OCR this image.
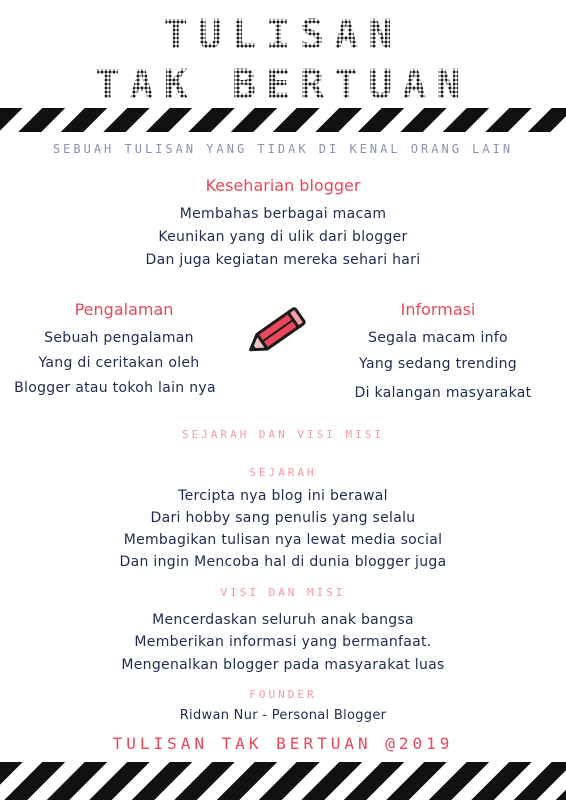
TULISAN
TAK BERTUAN
SEBUAH TULISAN YANG TIDAK DI KENAL ORANG LAIN
Keseharian blogger
Membahas berbagai macam
Keunikan yang di ulik dari blogger
Dan juga kegiatan mereka sehari hari
Pengalaman
Sebuah pengalaman
Yang di ceritakan oleh
Blogger atau tokoh lain nya
Informasi
Segala macam info
Yang sedang trending
Di kalangan masyarakat
SEJARAH DAN VISI MISI
SEJARAH
Tercipta nya blog ini berawal
Dari hobby sang penulis yang selalu
Membagikan tulisan nya lewat media social
Dan ingin Mencoba hal di dunia blogger juga
VISI DAN MISI
Mencerdaskan seluruh anak bangsa
Memberikan informasi yang bermanfaat.
Mengenalkan blogger pada masyarakat luas
FOUNDER
Ridwan Nur - Personal Blogger
TULISAN TAK BERTUAN @2019
